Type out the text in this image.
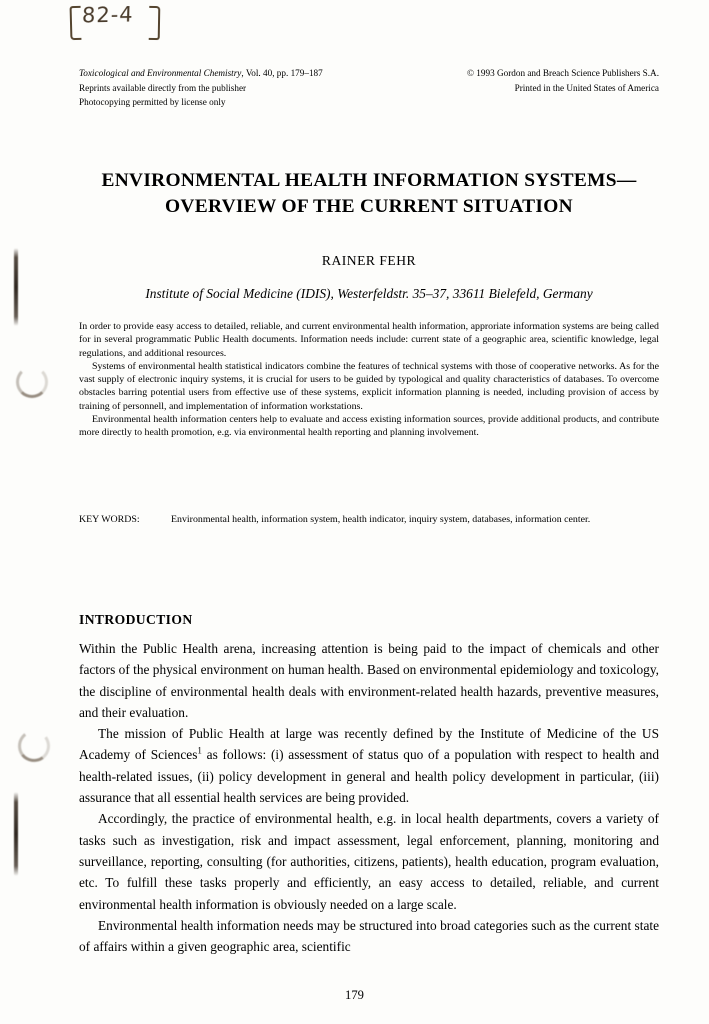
82-4
Toxicological and Environmental Chemistry, Vol. 40, pp. 179–187	© 1993 Gordon and Breach Science Publishers S.A.
Reprints available directly from the publisher	Printed in the United States of America
Photocopying permitted by license only
ENVIRONMENTAL HEALTH INFORMATION SYSTEMS—OVERVIEW OF THE CURRENT SITUATION
RAINER FEHR
Institute of Social Medicine (IDIS), Westerfeldstr. 35–37, 33611 Bielefeld, Germany

In order to provide easy access to detailed, reliable, and current environmental health information, approriate information systems are being called for in several programmatic Public Health documents. Information needs include: current state of a geographic area, scientific knowledge, legal regulations, and additional resources.

Systems of environmental health statistical indicators combine the features of technical systems with those of cooperative networks. As for the vast supply of electronic inquiry systems, it is crucial for users to be guided by typological and quality characteristics of databases. To overcome obstacles barring potential users from effective use of these systems, explicit information planning is needed, including provision of access by training of personnell, and implementation of information workstations.

Environmental health information centers help to evaluate and access existing information sources, provide additional products, and contribute more directly to health promotion, e.g. via environmental health reporting and planning involvement.

KEY WORDS:	Environmental health, information system, health indicator, inquiry system, databases, information center.
INTRODUCTION

Within the Public Health arena, increasing attention is being paid to the impact of chemicals and other factors of the physical environment on human health. Based on environmental epidemiology and toxicology, the discipline of environmental health deals with environment-related health hazards, preventive measures, and their evaluation.

The mission of Public Health at large was recently defined by the Institute of Medicine of the US Academy of Sciences$^1$ as follows: (i) assessment of status quo of a population with respect to health and health-related issues, (ii) policy development in general and health policy development in particular, (iii) assurance that all essential health services are being provided.

Accordingly, the practice of environmental health, e.g. in local health departments, covers a variety of tasks such as investigation, risk and impact assessment, legal enforcement, planning, monitoring and surveillance, reporting, consulting (for authorities, citizens, patients), health education, program evaluation, etc. To fulfill these tasks properly and efficiently, an easy access to detailed, reliable, and current environmental health information is obviously needed on a large scale.

Environmental health information needs may be structured into broad categories such as the current state of affairs within a given geographic area, scientific

179
